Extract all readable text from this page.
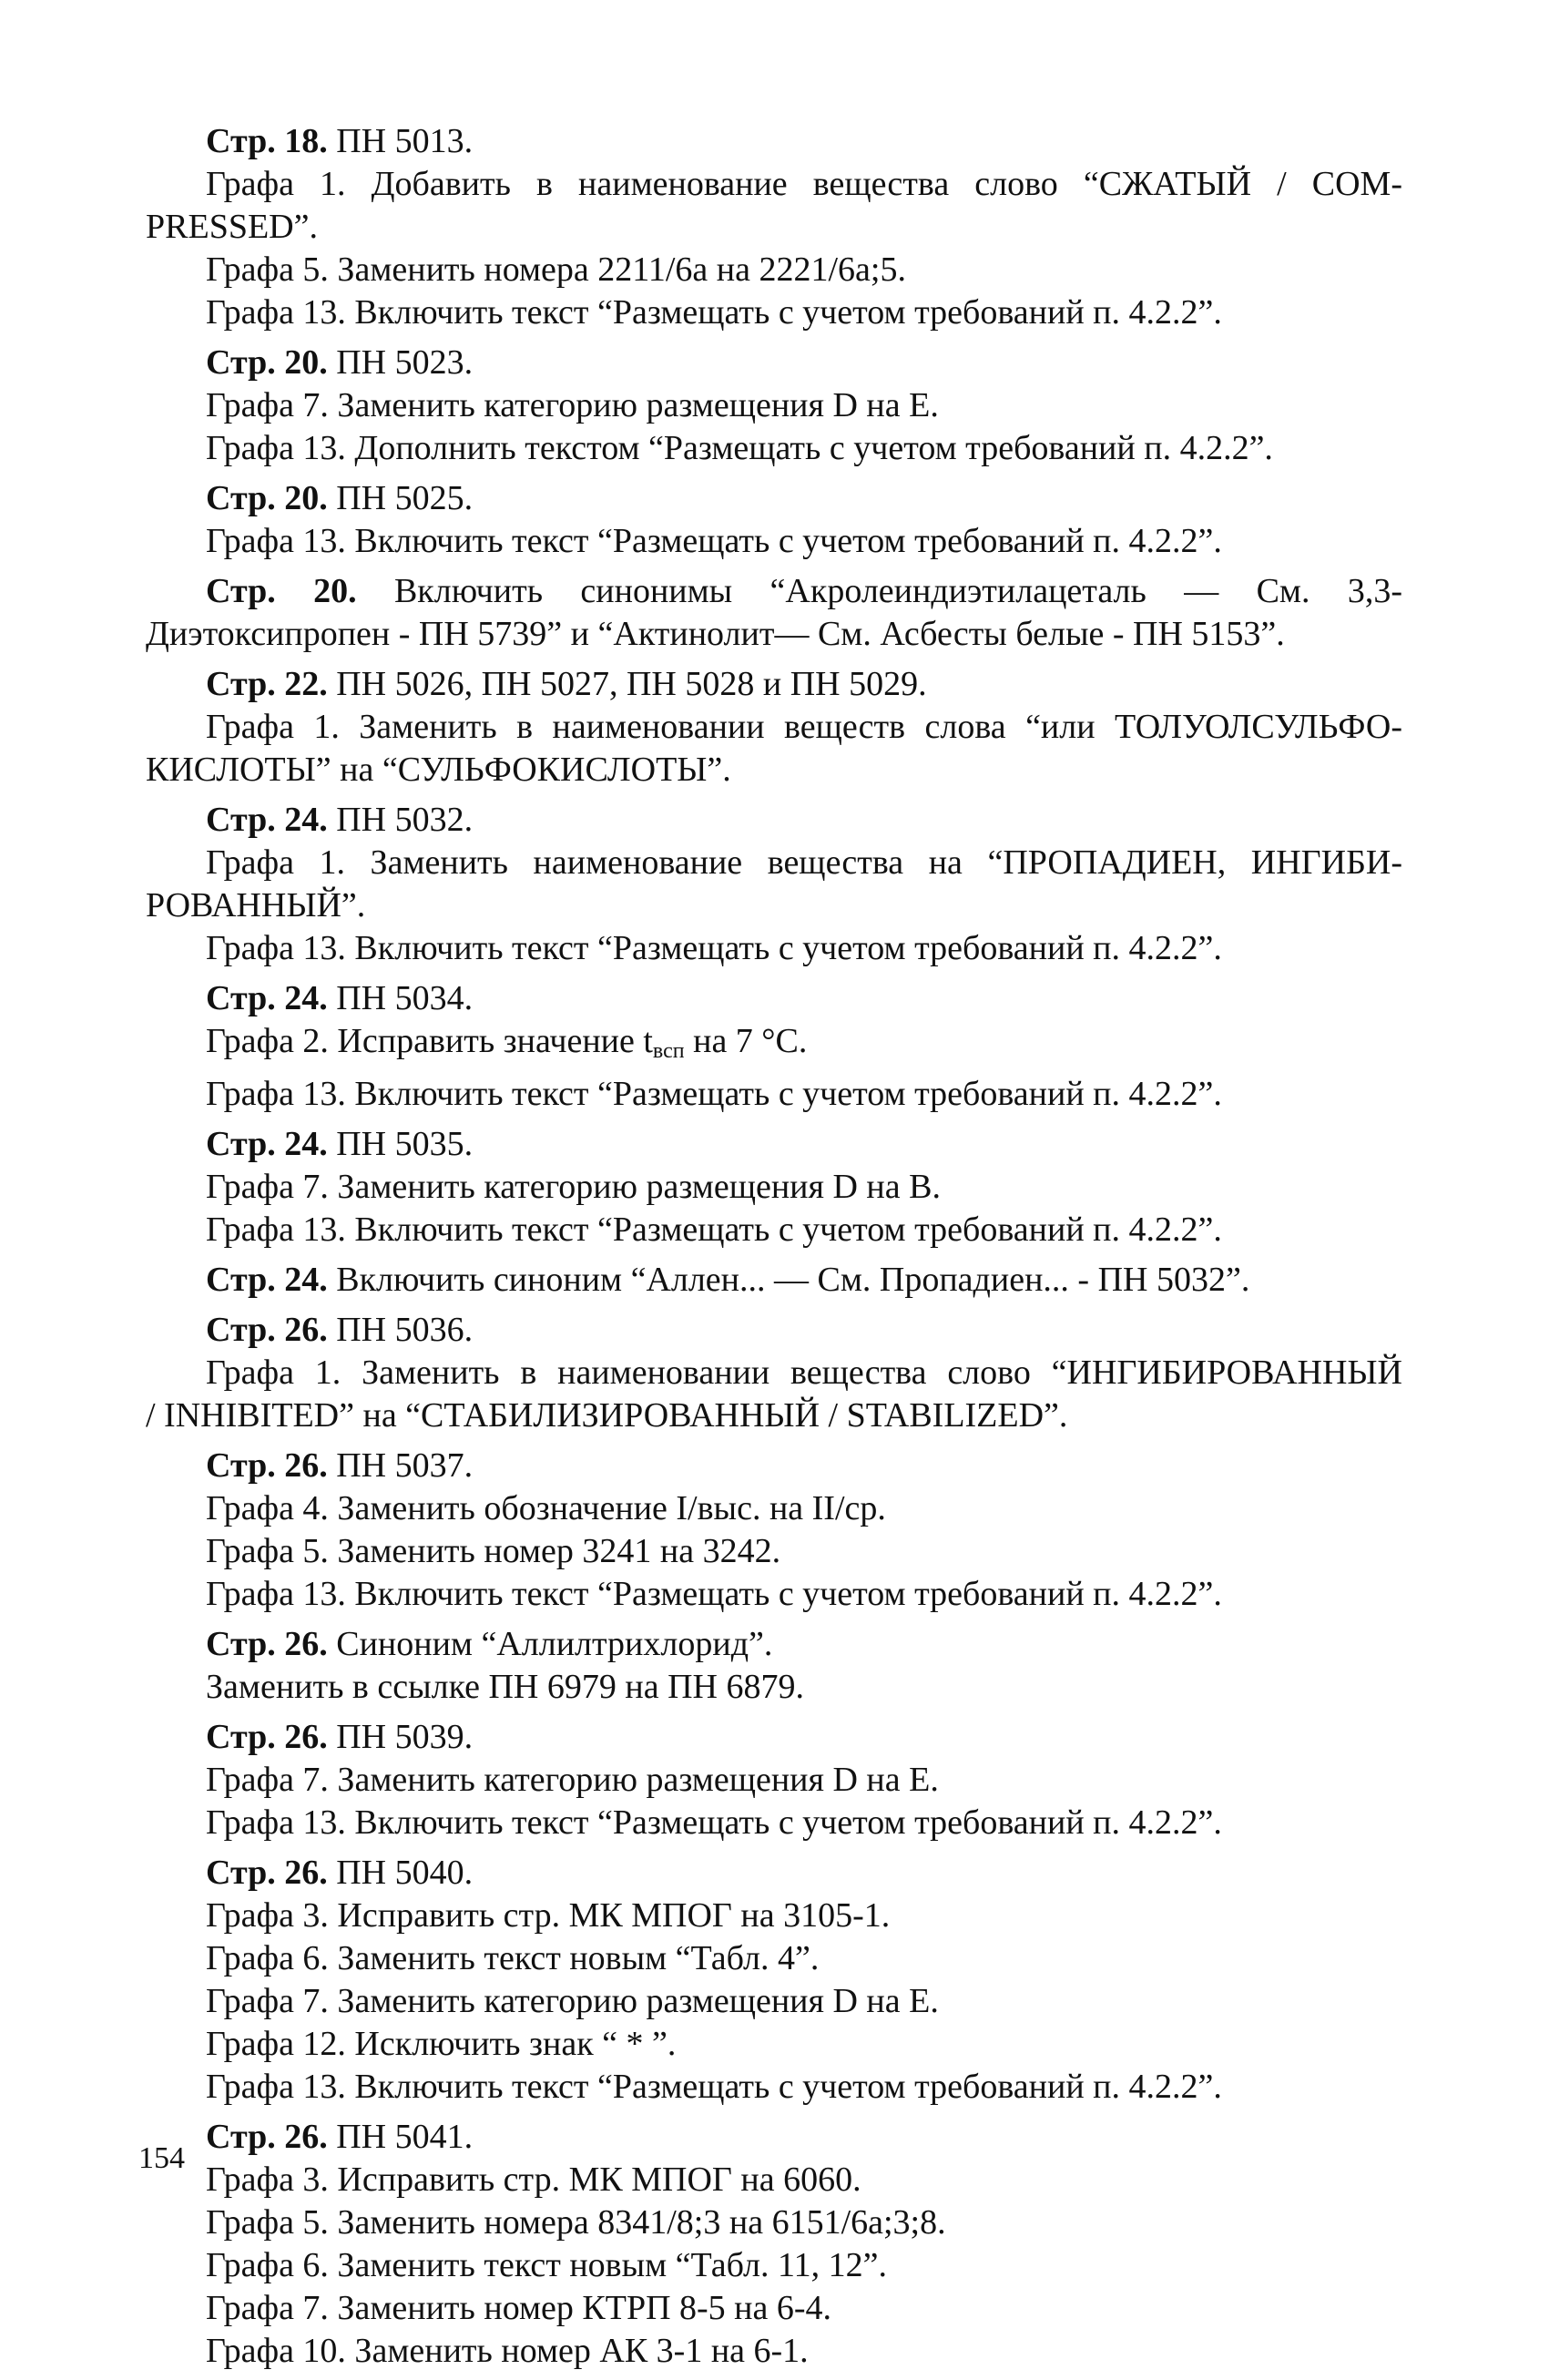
Стр. 18. ПН 5013.
Графа 1. Добавить в наименование вещества слово “СЖАТЫЙ / COM-
PRESSED”.
Графа 5. Заменить номера 2211/6а на 2221/6а;5.
Графа 13. Включить текст “Размещать с учетом требований п. 4.2.2”.
Стр. 20. ПН 5023.
Графа 7. Заменить категорию размещения D на E.
Графа 13. Дополнить текстом “Размещать с учетом требований п. 4.2.2”.
Стр. 20. ПН 5025.
Графа 13. Включить текст “Размещать с учетом требований п. 4.2.2”.
Стр. 20. Включить синонимы “Акролеиндиэтилацеталь — См. 3,3-
Диэтоксипропен - ПН 5739” и “Актинолит— См. Асбесты белые - ПН 5153”.
Стр. 22. ПН 5026, ПН 5027, ПН 5028 и ПН 5029.
Графа 1. Заменить в наименовании веществ слова “или ТОЛУОЛСУЛЬФО-
КИСЛОТЫ” на “СУЛЬФОКИСЛОТЫ”.
Стр. 24. ПН 5032.
Графа 1. Заменить наименование вещества на “ПРОПАДИЕН, ИНГИБИ-
РОВАННЫЙ”.
Графа 13. Включить текст “Размещать с учетом требований п. 4.2.2”.
Стр. 24. ПН 5034.
Графа 2. Исправить значение $t_{всп}$ на 7 °С.
Графа 13. Включить текст “Размещать с учетом требований п. 4.2.2”.
Стр. 24. ПН 5035.
Графа 7. Заменить категорию размещения D на B.
Графа 13. Включить текст “Размещать с учетом требований п. 4.2.2”.
Стр. 24. Включить синоним “Аллен... — См. Пропадиен... - ПН 5032”.
Стр. 26. ПН 5036.
Графа 1. Заменить в наименовании вещества слово “ИНГИБИРОВАННЫЙ
/ INHIBITED” на “СТАБИЛИЗИРОВАННЫЙ / STABILIZED”.
Стр. 26. ПН 5037.
Графа 4. Заменить обозначение I/выс. на II/ср.
Графа 5. Заменить номер 3241 на 3242.
Графа 13. Включить текст “Размещать с учетом требований п. 4.2.2”.
Стр. 26. Синоним “Аллилтрихлорид”.
Заменить в ссылке ПН 6979 на ПН 6879.
Стр. 26. ПН 5039.
Графа 7. Заменить категорию размещения D на E.
Графа 13. Включить текст “Размещать с учетом требований п. 4.2.2”.
Стр. 26. ПН 5040.
Графа 3. Исправить стр. МК МПОГ на 3105-1.
Графа 6. Заменить текст новым “Табл. 4”.
Графа 7. Заменить категорию размещения D на E.
Графа 12. Исключить знак “ * ”.
Графа 13. Включить текст “Размещать с учетом требований п. 4.2.2”.
Стр. 26. ПН 5041.
Графа 3. Исправить стр. МК МПОГ на 6060.
Графа 5. Заменить номера 8341/8;3 на 6151/6а;3;8.
Графа 6. Заменить текст новым “Табл. 11, 12”.
Графа 7. Заменить номер КТРП 8-5 на 6-4.
Графа 10. Заменить номер АК 3-1 на 6-1.
154
